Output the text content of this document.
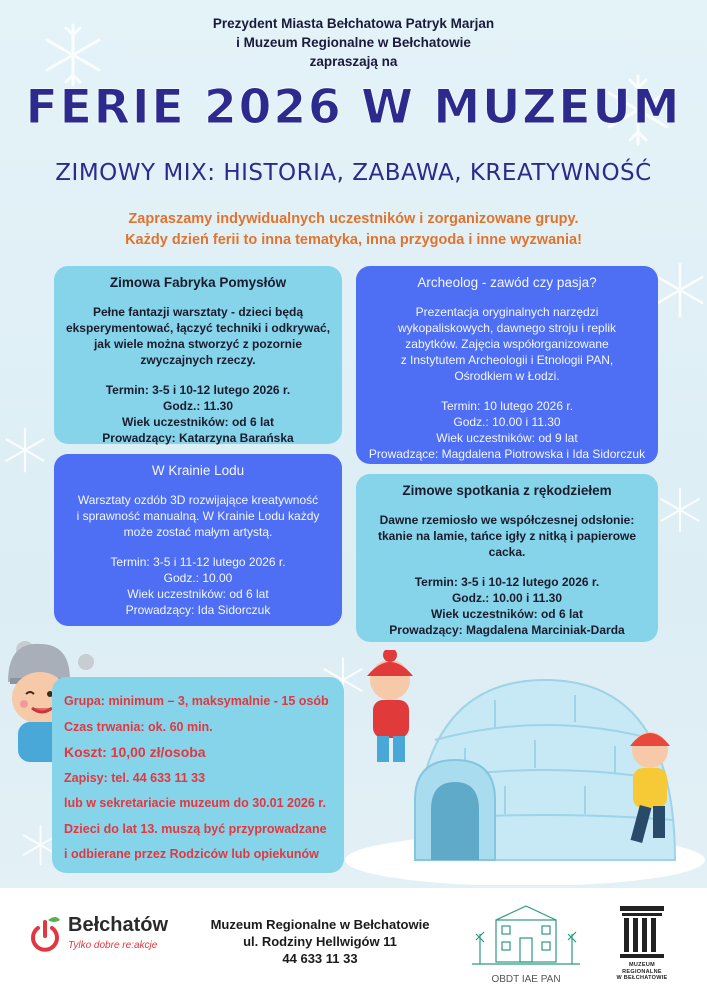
Prezydent Miasta Bełchatowa Patryk Marjan
i Muzeum Regionalne w Bełchatowie
zapraszają na
FERIE 2026 W MUZEUM
ZIMOWY MIX: HISTORIA, ZABAWA, KREATYWNOŚĆ
Zapraszamy indywidualnych uczestników i zorganizowane grupy.
Każdy dzień ferii to inna tematyka, inna przygoda i inne wyzwania!
Zimowa Fabryka Pomysłów
Pełne fantazji warsztaty - dzieci będą
eksperymentować, łączyć techniki i odkrywać,
jak wiele można stworzyć z pozornie
zwyczajnych rzeczy.
Termin: 3-5 i 10-12 lutego 2026 r.
Godz.: 11.30
Wiek uczestników: od 6 lat
Prowadzący: Katarzyna Barańska
Archeolog - zawód czy pasja?
Prezentacja oryginalnych narzędzi
wykopaliskowych, dawnego stroju i replik
zabytków. Zajęcia współorganizowane
z Instytutem Archeologii i Etnologii PAN,
Ośrodkiem w Łodzi.
Termin: 10 lutego 2026 r.
Godz.: 10.00 i 11.30
Wiek uczestników: od 9 lat
Prowadzące: Magdalena Piotrowska i Ida Sidorczuk
W Krainie Lodu
Warsztaty ozdób 3D rozwijające kreatywność
i sprawność manualną. W Krainie Lodu każdy
może zostać małym artystą.
Termin: 3-5 i 11-12 lutego 2026 r.
Godz.: 10.00
Wiek uczestników: od 6 lat
Prowadzący: Ida Sidorczuk
Zimowe spotkania z rękodziełem
Dawne rzemiosło we współczesnej odsłonie:
tkanie na lamie, tańce igły z nitką i papierowe
cacka.
Termin: 3-5 i 10-12 lutego 2026 r.
Godz.: 10.00 i 11.30
Wiek uczestników: od 6 lat
Prowadzący: Magdalena Marciniak-Darda
Grupa: minimum – 3, maksymalnie - 15 osób
Czas trwania: ok. 60 min.
Koszt: 10,00 zł/osoba
Zapisy: tel. 44 633 11 33
lub w sekretariacie muzeum do 30.01 2026 r.
Dzieci do lat 13. muszą być przyprowadzane
i odbierane przez Rodziców lub opiekunów
Bełchatów
Tylko dobre re:akcje
Muzeum Regionalne w Bełchatowie
ul. Rodziny Hellwigów 11
44 633 11 33
OBDT IAE PAN
MUZEUM
REGIONALNE
W BEŁCHATOWIE
